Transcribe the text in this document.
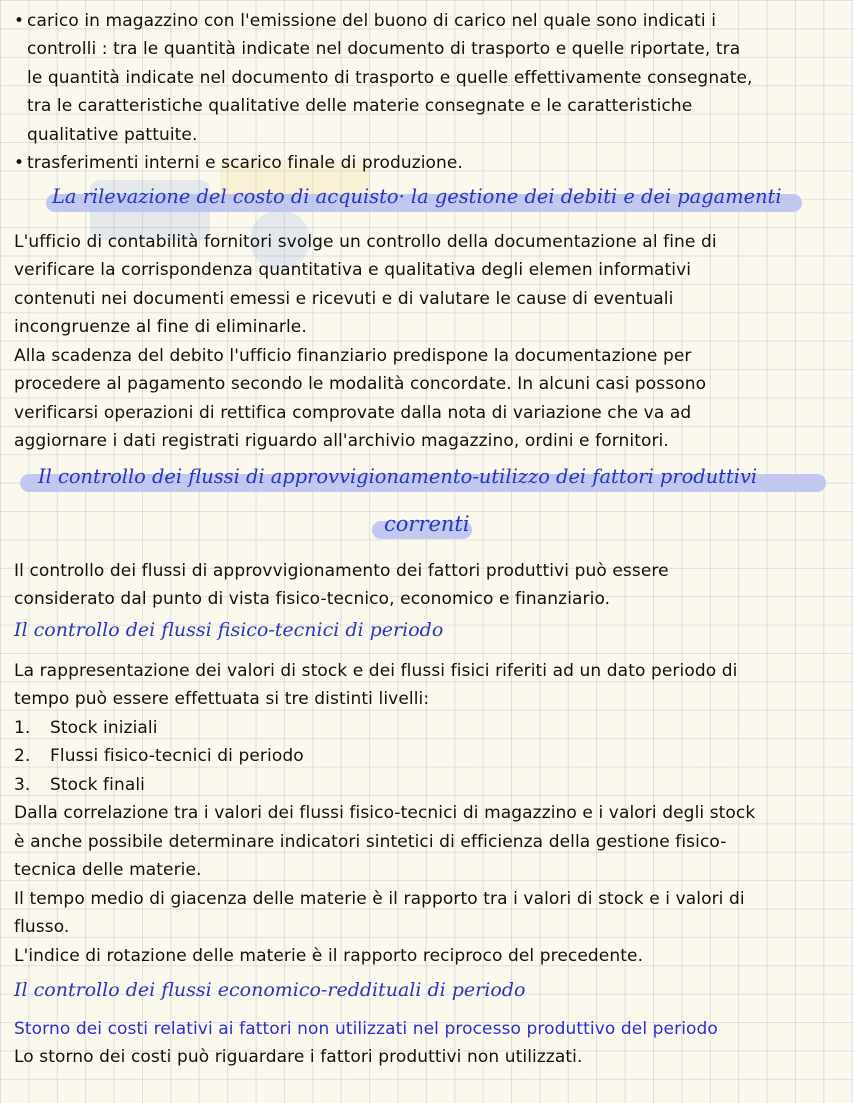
• carico in magazzino con l'emissione del buono di carico nel quale sono indicati i
controlli : tra le quantità indicate nel documento di trasporto e quelle riportate, tra
le quantità indicate nel documento di trasporto e quelle effettivamente consegnate,
tra le caratteristiche qualitative delle materie consegnate e le caratteristiche
qualitative pattuite.
• trasferimenti interni e scarico finale di produzione.
La rilevazione del costo di acquisto· la gestione dei debiti e dei pagamenti
L'ufficio di contabilità fornitori svolge un controllo della documentazione al fine di
verificare la corrispondenza quantitativa e qualitativa degli elemen informativi
contenuti nei documenti emessi e ricevuti e di valutare le cause di eventuali
incongruenze al fine di eliminarle.
Alla scadenza del debito l'ufficio finanziario predispone la documentazione per
procedere al pagamento secondo le modalità concordate. In alcuni casi possono
verificarsi operazioni di rettifica comprovate dalla nota di variazione che va ad
aggiornare i dati registrati riguardo all'archivio magazzino, ordini e fornitori.
Il controllo dei flussi di approvvigionamento-utilizzo dei fattori produttivi
correnti
Il controllo dei flussi di approvvigionamento dei fattori produttivi può essere
considerato dal punto di vista fisico-tecnico, economico e finanziario.
Il controllo dei flussi fisico-tecnici di periodo
La rappresentazione dei valori di stock e dei flussi fisici riferiti ad un dato periodo di
tempo può essere effettuata si tre distinti livelli:
1. Stock iniziali
2. Flussi fisico-tecnici di periodo
3. Stock finali
Dalla correlazione tra i valori dei flussi fisico-tecnici di magazzino e i valori degli stock
è anche possibile determinare indicatori sintetici di efficienza della gestione fisico-
tecnica delle materie.
Il tempo medio di giacenza delle materie è il rapporto tra i valori di stock e i valori di
flusso.
L'indice di rotazione delle materie è il rapporto reciproco del precedente.
Il controllo dei flussi economico-reddituali di periodo
Storno dei costi relativi ai fattori non utilizzati nel processo produttivo del periodo
Lo storno dei costi può riguardare i fattori produttivi non utilizzati.
